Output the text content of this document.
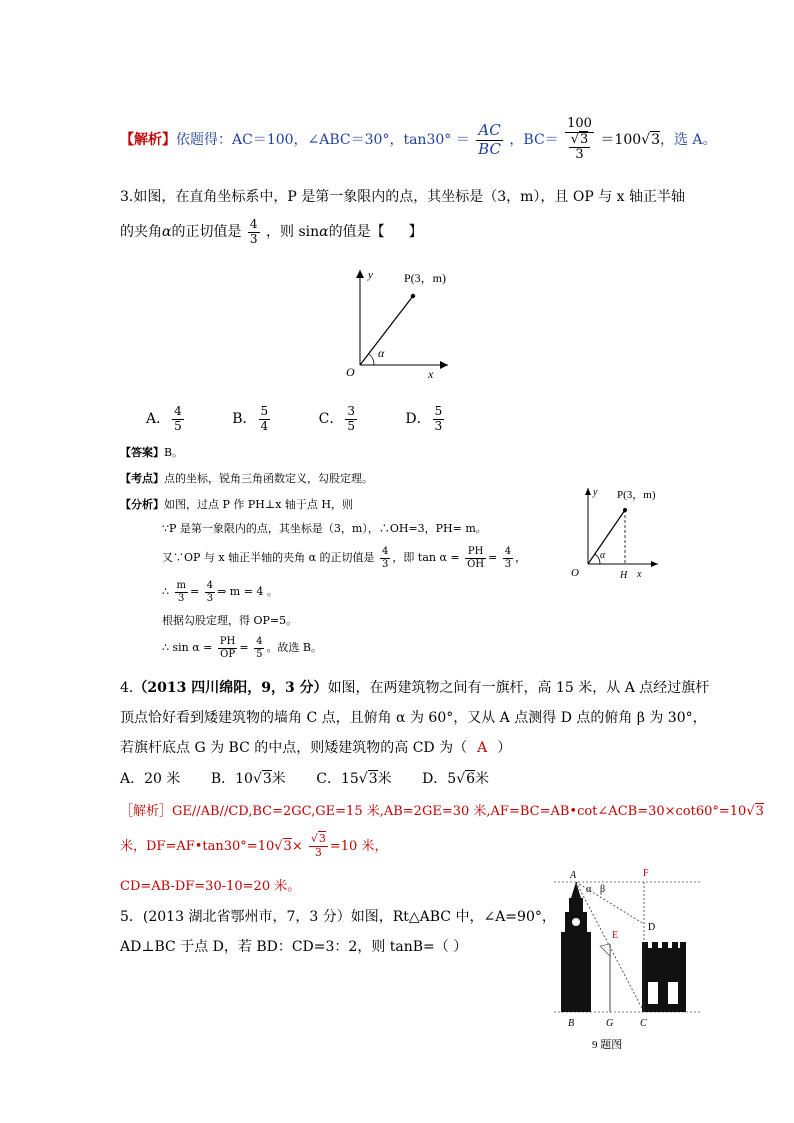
【解析】依题得：AC＝100，∠ABC＝30°，$\tan 30^\circ = \frac{AC}{BC}$ ，$BC= \frac{100}{\frac{√3}{3}} =100√3$，选 A。
3.如图，在直角坐标系中，P 是第一象限内的点，其坐标是（3，m），且 OP 与 x 轴正半轴
的夹角α的正切值是 $\frac{4}{3}$ ，则 sinα的值是【 】
y
x
O
P(3，m)
α
A． $\frac{4}{5}$	B． $\frac{5}{4}$	C． $\frac{3}{5}$	D． $\frac{5}{3}$
【答案】B。
【考点】点的坐标，锐角三角函数定义，勾股定理。
【分析】如图，过点 P 作 PH⊥x 轴于点 H，则
∵P 是第一象限内的点，其坐标是（3，m），∴OH=3，PH= m。
又∵OP 与 x 轴正半轴的夹角 α 的正切值是 $\frac{4}{3}$ ，即 $\tan \alpha = \frac{PH}{OH} = \frac{4}{3}$ ，
∴ $\frac{m}{3} = \frac{4}{3}$ ⇒ m = 4 。
根据勾股定理，得 OP=5。
∴ $\sin \alpha = \frac{PH}{OP} = \frac{4}{5}$ 。故选 B。
y
x
O	H
P(3，m)
α
4.（2013 四川绵阳，9，3 分）如图，在两建筑物之间有一旗杆，高 15 米，从 A 点经过旗杆
顶点恰好看到矮建筑物的墙角 C 点，且俯角 α 为 60°，又从 A 点测得 D 点的俯角 β 为 30°，
若旗杆底点 G 为 BC 的中点，则矮建筑物的高 CD 为（ A ）
A．20 米 B．10√3米 C．15√3米 D．5√6米
［解析］GE//AB//CD,BC=2GC,GE=15 米,AB=2GE=30 米,AF=BC=AB•cot∠ACB=30×cot60°=10√3
米，DF=AF•tan30°=10√3× $\frac{√3}{3} =10$ 米，
CD=AB-DF=30-10=20 米。
5．(2013 湖北省鄂州市，7，3 分）如图，Rt△ABC 中，∠A=90°，
AD⊥BC 于点 D，若 BD：CD=3：2，则 tanB=（ ）
A
α β
F
D
E
B	G	C
9 题图
